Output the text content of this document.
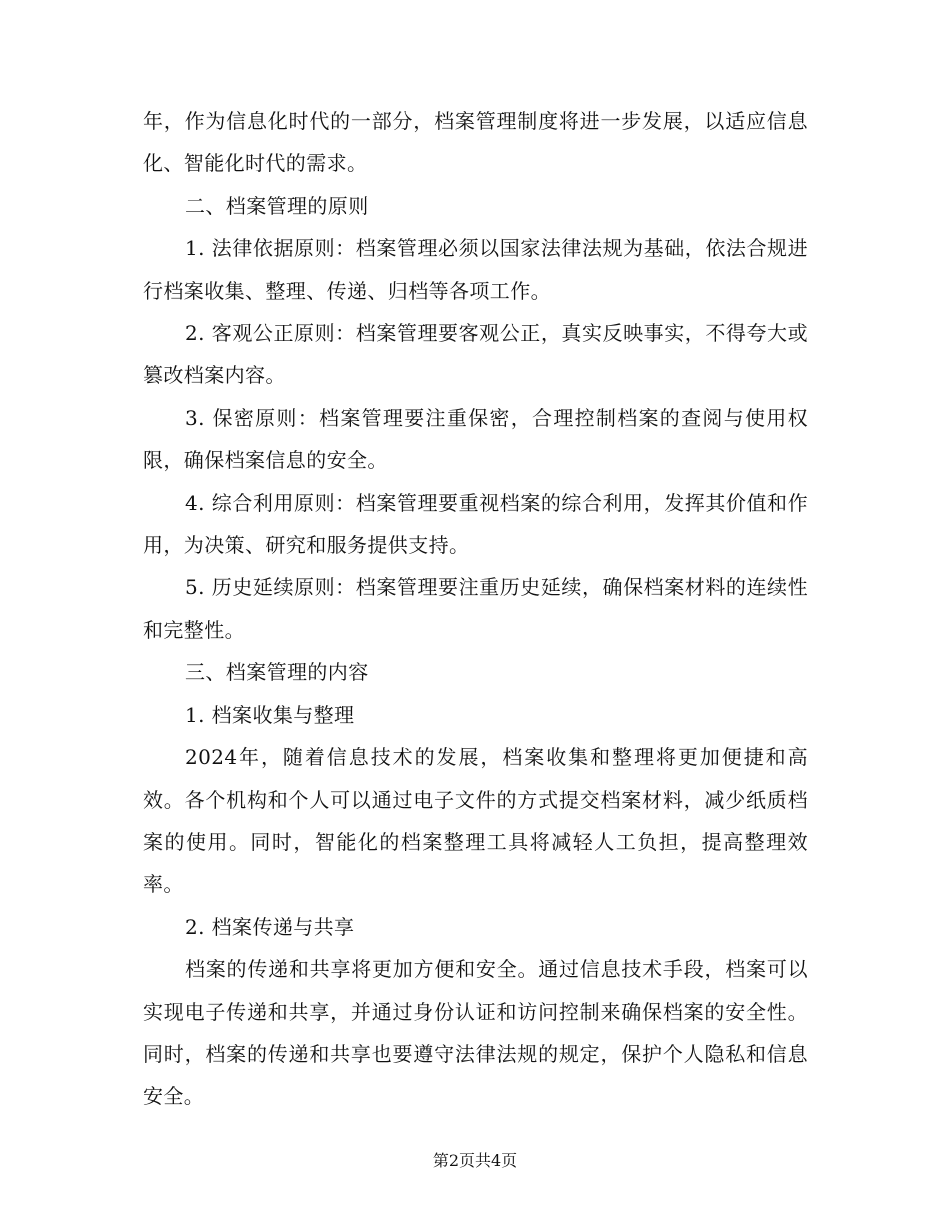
年，作为信息化时代的一部分，档案管理制度将进一步发展，以适应信息化、智能化时代的需求。

二、档案管理的原则

1. 法律依据原则：档案管理必须以国家法律法规为基础，依法合规进行档案收集、整理、传递、归档等各项工作。

2. 客观公正原则：档案管理要客观公正，真实反映事实，不得夸大或篡改档案内容。

3. 保密原则：档案管理要注重保密，合理控制档案的查阅与使用权限，确保档案信息的安全。

4. 综合利用原则：档案管理要重视档案的综合利用，发挥其价值和作用，为决策、研究和服务提供支持。

5. 历史延续原则：档案管理要注重历史延续，确保档案材料的连续性和完整性。

三、档案管理的内容

1. 档案收集与整理

2024年，随着信息技术的发展，档案收集和整理将更加便捷和高效。各个机构和个人可以通过电子文件的方式提交档案材料，减少纸质档案的使用。同时，智能化的档案整理工具将减轻人工负担，提高整理效率。

2. 档案传递与共享

档案的传递和共享将更加方便和安全。通过信息技术手段，档案可以实现电子传递和共享，并通过身份认证和访问控制来确保档案的安全性。同时，档案的传递和共享也要遵守法律法规的规定，保护个人隐私和信息安全。

第2页共4页
